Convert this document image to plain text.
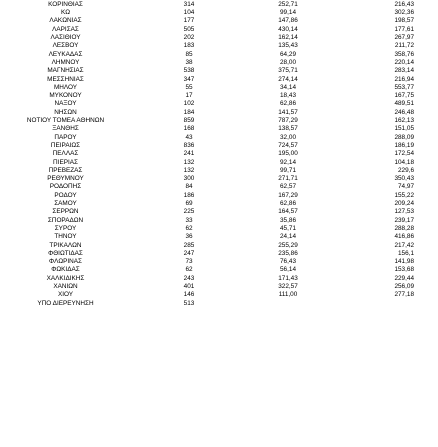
ΚΟΡΙΝΘΙΑΣ	314	252,71	216,43
ΚΩ	104	99,14	302,36
ΛΑΚΩΝΙΑΣ	177	147,86	198,57
ΛΑΡΙΣΑΣ	505	430,14	177,61
ΛΑΣΙΘΙΟΥ	202	162,14	267,97
ΛΕΣΒΟΥ	183	135,43	211,72
ΛΕΥΚΑΔΑΣ	85	64,29	358,76
ΛΗΜΝΟΥ	38	28,00	220,14
ΜΑΓΝΗΣΙΑΣ	538	375,71	283,14
ΜΕΣΣΗΝΙΑΣ	347	274,14	216,94
ΜΗΛΟΥ	55	34,14	553,77
ΜΥΚΟΝΟΥ	17	18,43	167,75
ΝΑΞΟΥ	102	62,86	489,51
ΝΗΣΩΝ	184	141,57	246,48
ΝΟΤΙΟΥ ΤΟΜΕΑ ΑΘΗΝΩΝ	859	787,29	162,13
ΞΑΝΘΗΣ	168	138,57	151,05
ΠΑΡΟΥ	43	32,00	288,09
ΠΕΙΡΑΙΩΣ	836	724,57	186,19
ΠΕΛΛΑΣ	241	195,00	172,54
ΠΙΕΡΙΑΣ	132	92,14	104,18
ΠΡΕΒΕΖΑΣ	132	99,71	229,6
ΡΕΘΥΜΝΟΥ	300	271,71	350,43
ΡΟΔΟΠΗΣ	84	62,57	74,97
ΡΟΔΟΥ	186	167,29	155,22
ΣΑΜΟΥ	69	62,86	209,24
ΣΕΡΡΩΝ	225	164,57	127,53
ΣΠΟΡΑΔΩΝ	33	35,86	239,17
ΣΥΡΟΥ	62	45,71	288,28
ΤΗΝΟΥ	36	24,14	416,86
ΤΡΙΚΑΛΩΝ	285	255,29	217,42
ΦΘΙΩΤΙΔΑΣ	247	235,86	156,1
ΦΛΩΡΙΝΑΣ	73	76,43	141,98
ΦΩΚΙΔΑΣ	62	56,14	153,68
ΧΑΛΚΙΔΙΚΗΣ	243	171,43	229,44
ΧΑΝΙΩΝ	401	322,57	256,09
ΧΙΟΥ	146	111,00	277,18
ΥΠΟ ΔΙΕΡΕΥΝΗΣΗ	513
